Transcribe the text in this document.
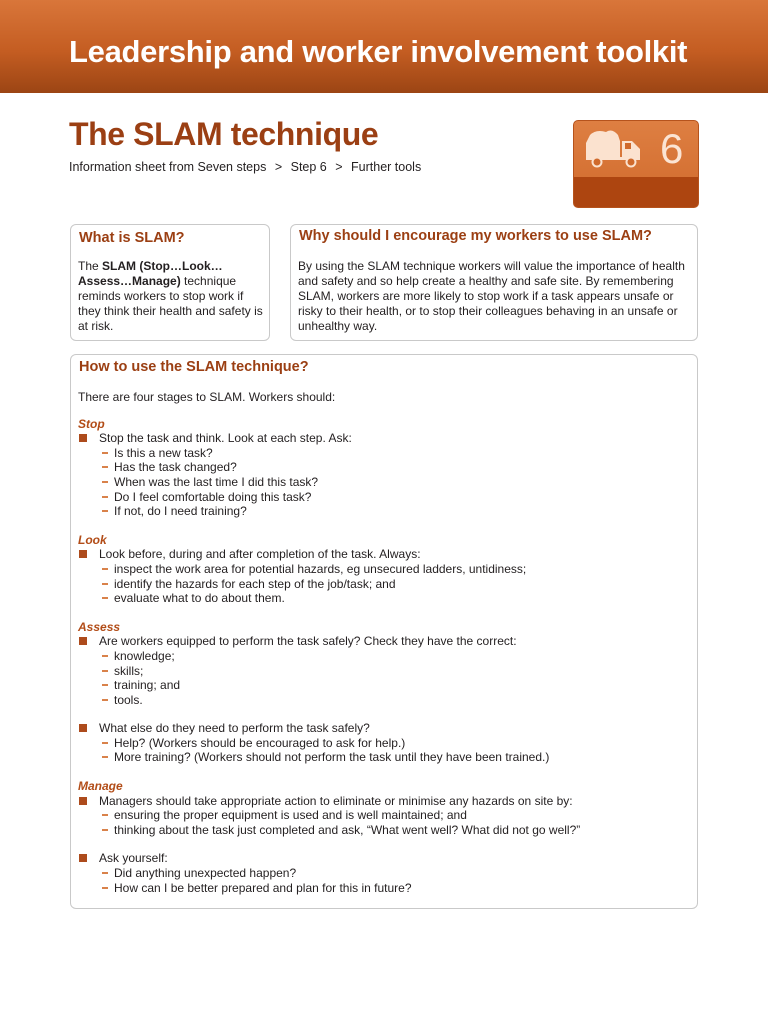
Leadership and worker involvement toolkit
The SLAM technique
Information sheet from Seven steps > Step 6 > Further tools	6
What is SLAM?
The SLAM (Stop…Look… Assess…Manage) technique reminds workers to stop work if they think their health and safety is at risk.
Why should I encourage my workers to use SLAM?
By using the SLAM technique workers will value the importance of health and safety and so help create a healthy and safe site. By remembering SLAM, workers are more likely to stop work if a task appears unsafe or risky to their health, or to stop their colleagues behaving in an unsafe or unhealthy way.
How to use the SLAM technique?

There are four stages to SLAM. Workers should:

Stop

Stop the task and think. Look at each step. Ask:

Is this a new task?

Has the task changed?

When was the last time I did this task?

Do I feel comfortable doing this task?

If not, do I need training?

Look

Look before, during and after completion of the task. Always:

inspect the work area for potential hazards, eg unsecured ladders, untidiness;

identify the hazards for each step of the job/task; and

evaluate what to do about them.

Assess

Are workers equipped to perform the task safely? Check they have the correct:

knowledge;

skills;

training; and

tools.

What else do they need to perform the task safely?

Help? (Workers should be encouraged to ask for help.)

More training? (Workers should not perform the task until they have been trained.)

Manage

Managers should take appropriate action to eliminate or minimise any hazards on site by:

ensuring the proper equipment is used and is well maintained; and

thinking about the task just completed and ask, “What went well? What did not go well?”

Ask yourself:

Did anything unexpected happen?

How can I be better prepared and plan for this in future?
